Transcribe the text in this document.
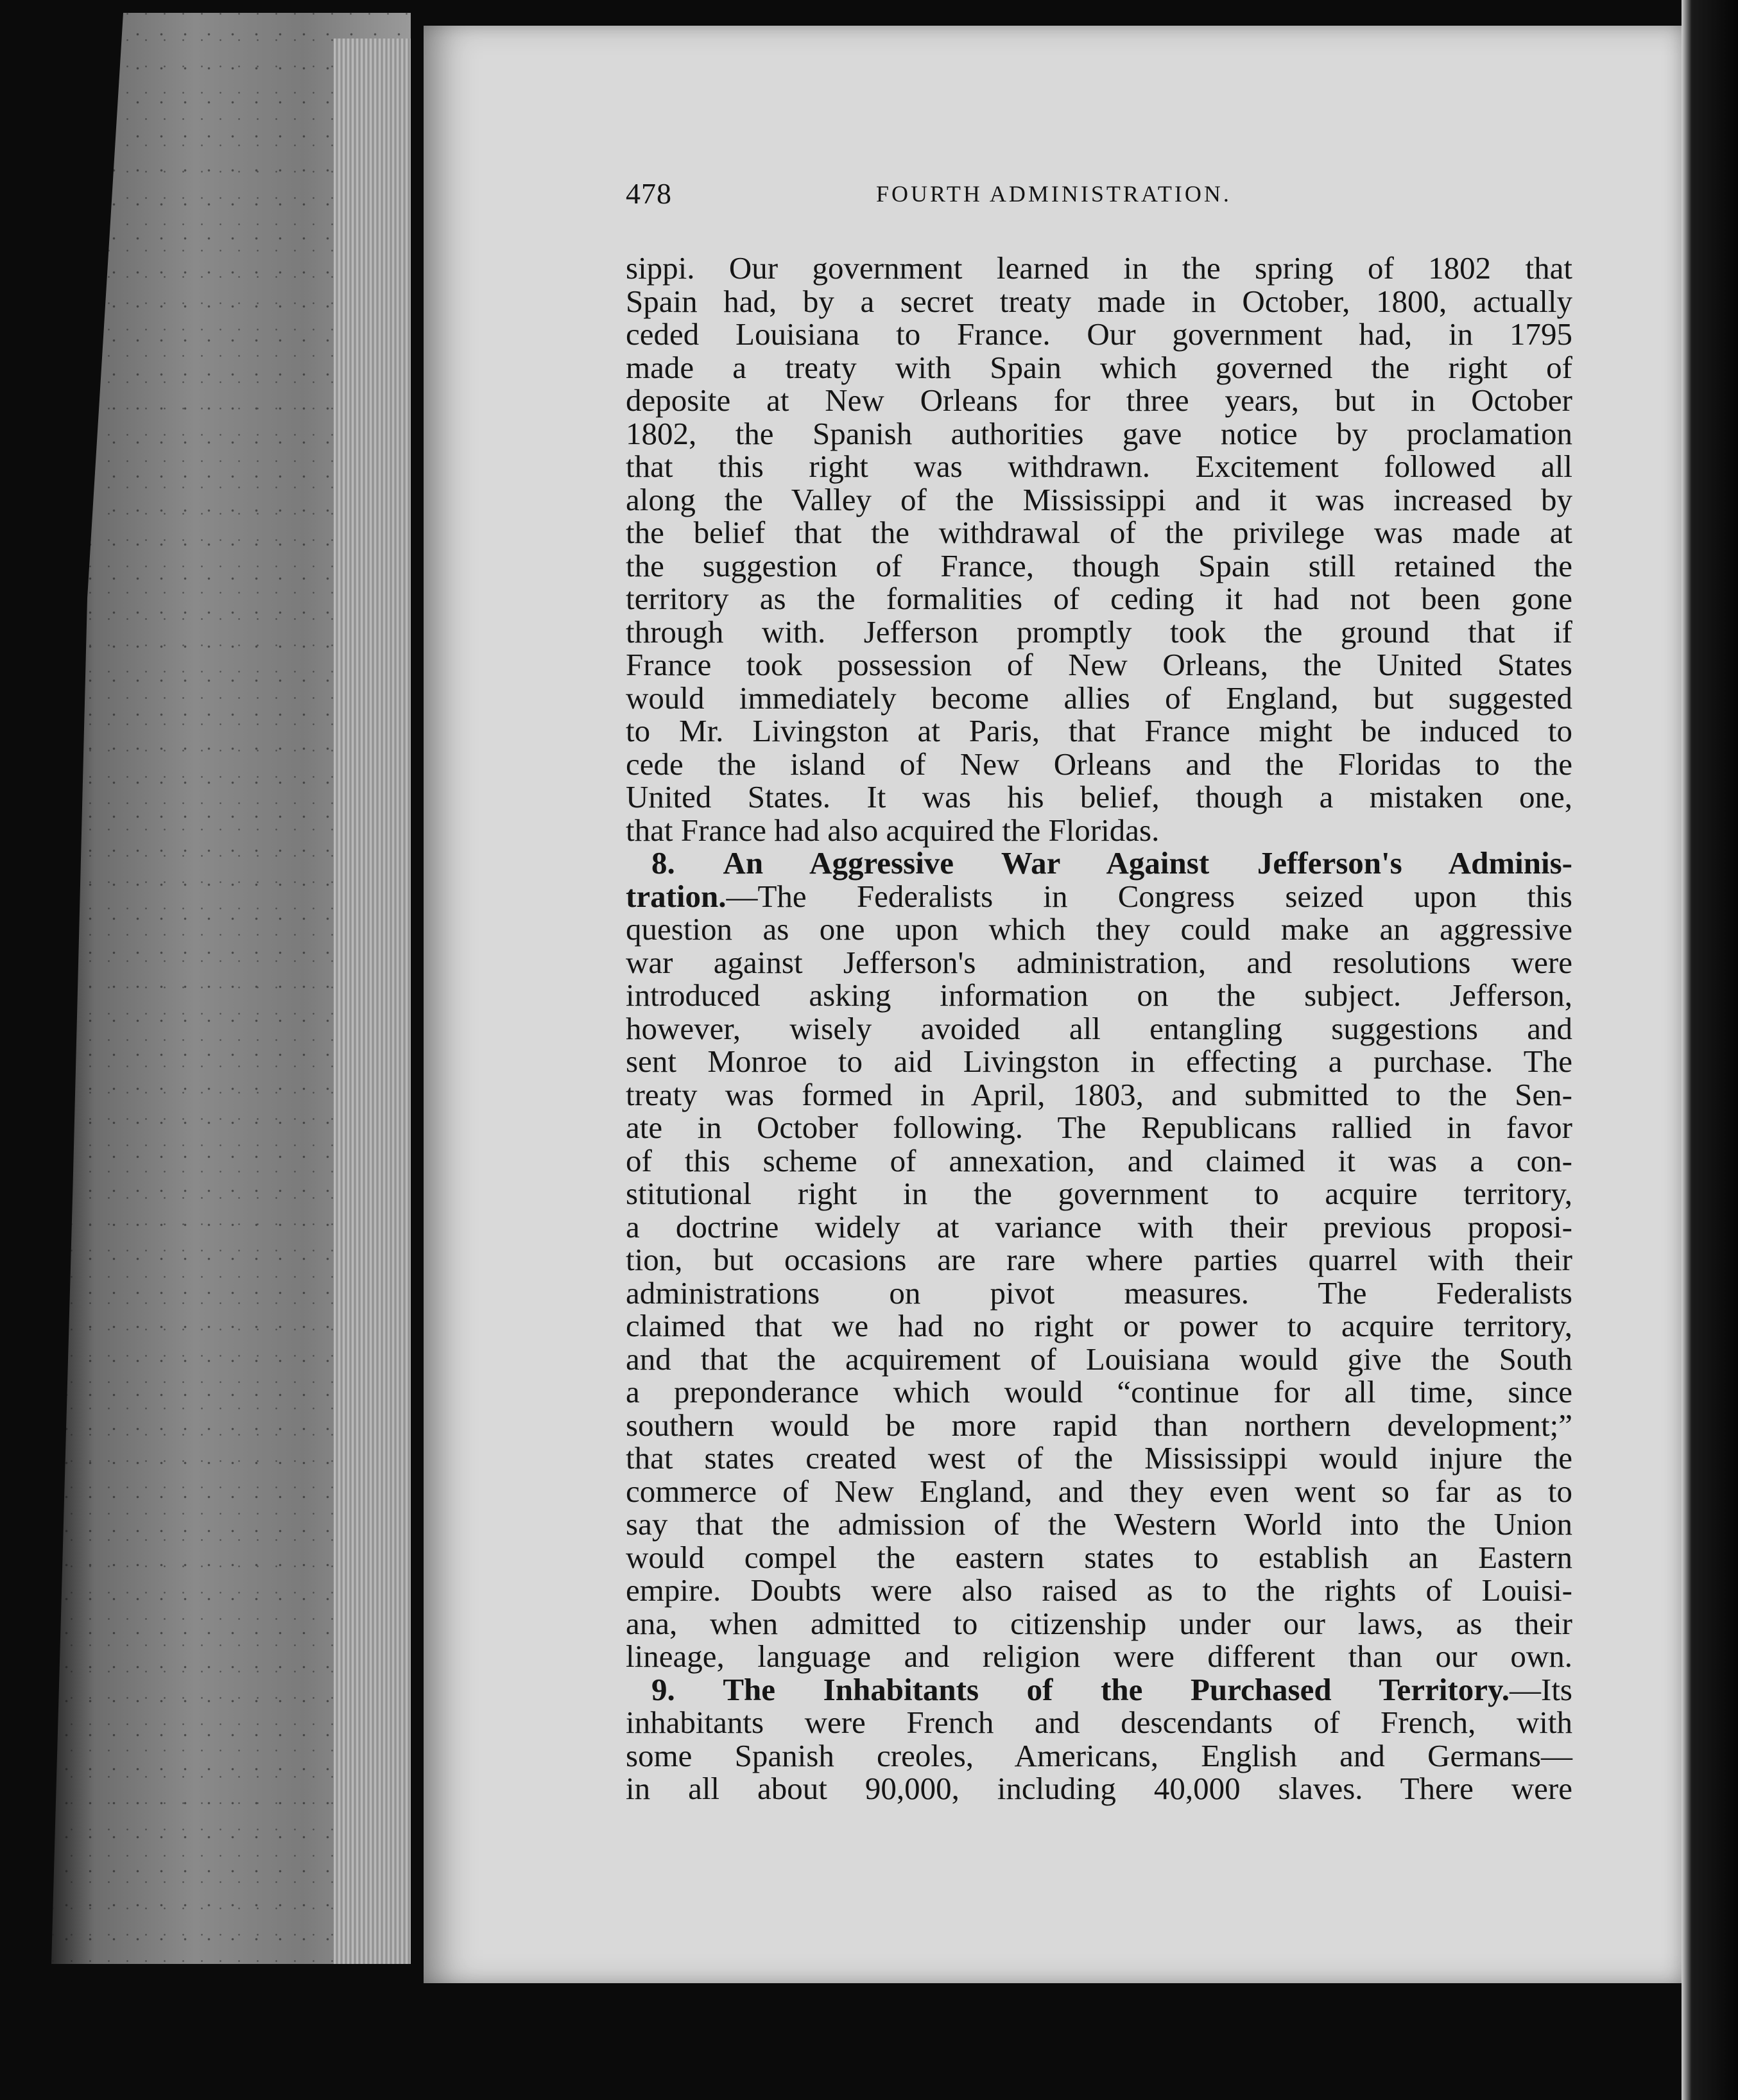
478	FOURTH ADMINISTRATION.
sippi. Our government learned in the spring of 1802 that
Spain had, by a secret treaty made in October, 1800, actually
ceded Louisiana to France. Our government had, in 1795
made a treaty with Spain which governed the right of
deposite at New Orleans for three years, but in October
1802, the Spanish authorities gave notice by proclamation
that this right was withdrawn. Excitement followed all
along the Valley of the Mississippi and it was increased by
the belief that the withdrawal of the privilege was made at
the suggestion of France, though Spain still retained the
territory as the formalities of ceding it had not been gone
through with. Jefferson promptly took the ground that if
France took possession of New Orleans, the United States
would immediately become allies of England, but suggested
to Mr. Livingston at Paris, that France might be induced to
cede the island of New Orleans and the Floridas to the
United States. It was his belief, though a mistaken one,
that France had also acquired the Floridas.
8. An Aggressive War Against Jefferson's Adminis-
tration.—The Federalists in Congress seized upon this
question as one upon which they could make an aggressive
war against Jefferson's administration, and resolutions were
introduced asking information on the subject. Jefferson,
however, wisely avoided all entangling suggestions and
sent Monroe to aid Livingston in effecting a purchase. The
treaty was formed in April, 1803, and submitted to the Sen-
ate in October following. The Republicans rallied in favor
of this scheme of annexation, and claimed it was a con-
stitutional right in the government to acquire territory,
a doctrine widely at variance with their previous proposi-
tion, but occasions are rare where parties quarrel with their
administrations on pivot measures. The Federalists
claimed that we had no right or power to acquire territory,
and that the acquirement of Louisiana would give the South
a preponderance which would “continue for all time, since
southern would be more rapid than northern development;”
that states created west of the Mississippi would injure the
commerce of New England, and they even went so far as to
say that the admission of the Western World into the Union
would compel the eastern states to establish an Eastern
empire. Doubts were also raised as to the rights of Louisi-
ana, when admitted to citizenship under our laws, as their
lineage, language and religion were different than our own.
9. The Inhabitants of the Purchased Territory.—Its
inhabitants were French and descendants of French, with
some Spanish creoles, Americans, English and Germans—
in all about 90,000, including 40,000 slaves. There were
